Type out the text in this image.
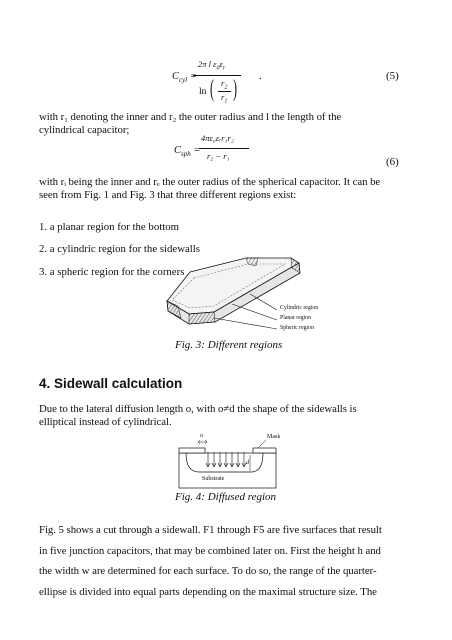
$C_{cyl}$ =
2π l $\varepsilon_0\varepsilon_r$
ln ( $r_2$
$r_1$ ) .	(5)

with r₁ denoting the inner and r₂ the outer radius and l the length of the
cylindrical capacitor;

$C_{sph}$ =
4πε₀εᵣr₁r₂
r₂ − r₁	(6)

with rᵢ being the inner and rₑ the outer radius of the spherical capacitor. It can be
seen from Fig. 1 and Fig. 3 that three different regions exist:

1. a planar region for the bottom
2. a cylindric region for the sidewalls
3. a spheric region for the corners
Cylindric region
Planar region
Spheric region
Fig. 3: Different regions
4. Sidewall calculation

Due to the lateral diffusion length o, with o≠d the shape of the sidewalls is
elliptical instead of cylindrical.

o
d
Mask
Substrate
Fig. 4: Diffused region

Fig. 5 shows a cut through a sidewall. F1 through F5 are five surfaces that result
in five junction capacitors, that may be combined later on. First the height h and
the width w are determined for each surface. To do so, the range of the quarter-
ellipse is divided into equal parts depending on the maximal structure size. The
